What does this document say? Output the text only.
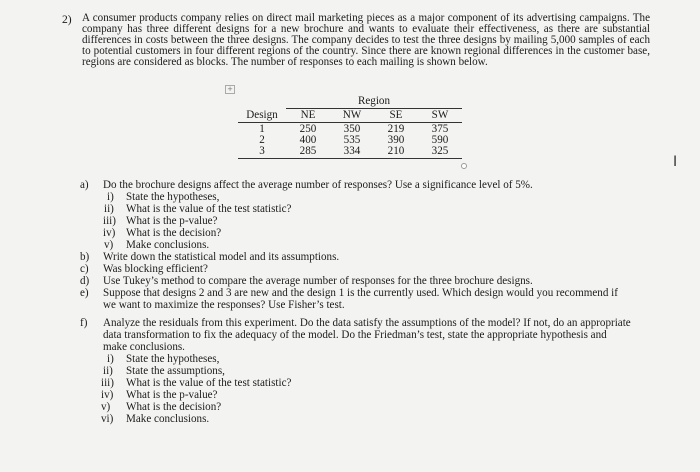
2) A consumer products company relies on direct mail marketing pieces as a major component of its advertising campaigns. The company has three different designs for a new brochure and wants to evaluate their effectiveness, as there are substantial differences in costs between the three designs. The company decides to test the three designs by mailing 5,000 samples of each to potential customers in four different regions of the country. Since there are known regional differences in the customer base, regions are considered as blocks. The number of responses to each mailing is shown below.

+
	Region			
Design	NE	NW	SE	SW
1	250	350	219	375
2	400	535	390	590
3	285	334	210	325
I
a) Do the brochure designs affect the average number of responses? Use a significance level of 5%.
i) State the hypotheses,
ii) What is the value of the test statistic?
iii) What is the p-value?
iv) What is the decision?
v) Make conclusions.
b) Write down the statistical model and its assumptions.
c) Was blocking efficient?
d) Use Tukey’s method to compare the average number of responses for the three brochure designs.
e) Suppose that designs 2 and 3 are new and the design 1 is the currently used. Which design would you recommend if
we want to maximize the responses? Use Fisher’s test.
f) Analyze the residuals from this experiment. Do the data satisfy the assumptions of the model? If not, do an appropriate
data transformation to fix the adequacy of the model. Do the Friedman’s test, state the appropriate hypothesis and
make conclusions.
i) State the hypotheses,
ii) State the assumptions,
iii) What is the value of the test statistic?
iv) What is the p-value?
v) What is the decision?
vi) Make conclusions.
